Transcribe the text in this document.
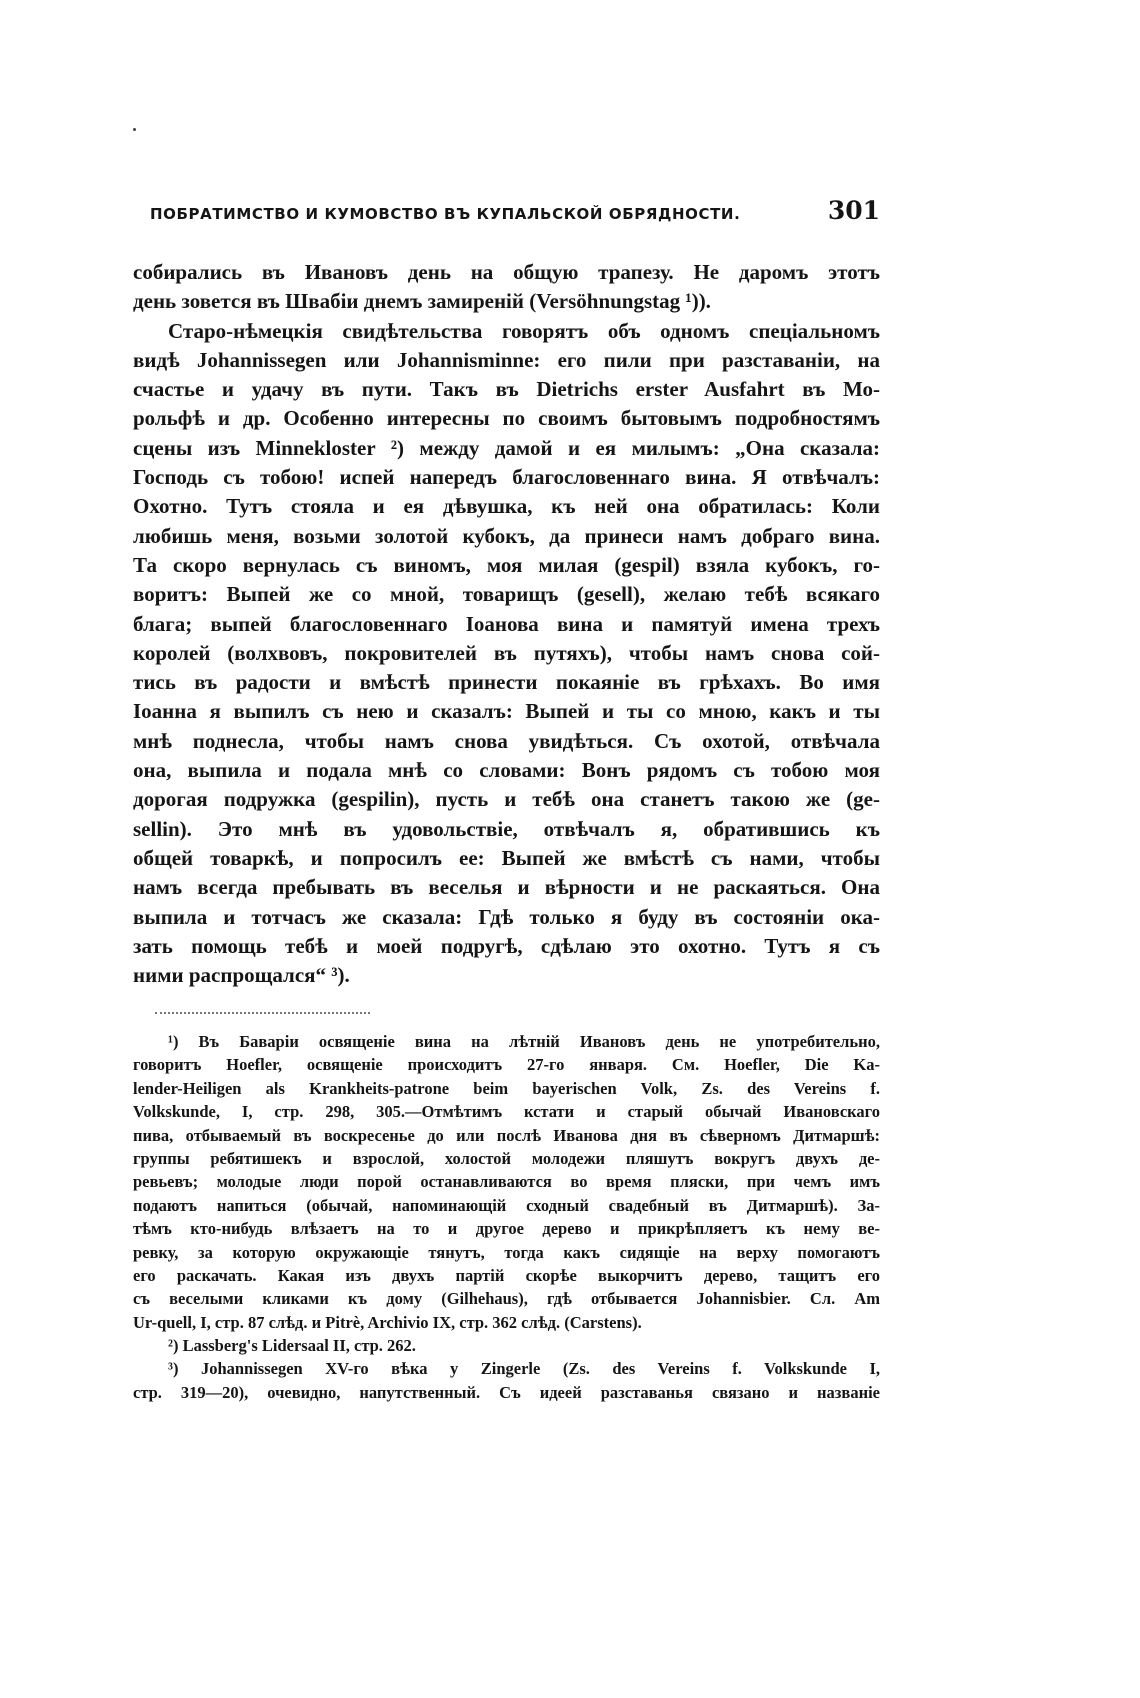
ПОБРАТИМСТВО И КУМОВСТВО ВЪ КУПАЛЬСКОЙ ОБРЯДНОСТИ.	301
собирались въ Ивановъ день на общую трапезу. Не даромъ этотъ
день зовется въ Швабіи днемъ замиреній (Versöhnungstag ¹)).
Старо-нѣмецкія свидѣтельства говорятъ объ одномъ спеціальномъ
видѣ Johannissegen или Johannisminne: его пили при разставаніи, на
счастье и удачу въ пути. Такъ въ Dietrichs erster Ausfahrt въ Мо-
рольфѣ и др. Особенно интересны по своимъ бытовымъ подробностямъ
сцены изъ Minnekloster ²) между дамой и ея милымъ: „Она сказала:
Господь съ тобою! испей напередъ благословеннаго вина. Я отвѣчалъ:
Охотно. Тутъ стояла и ея дѣвушка, къ ней она обратилась: Коли
любишь меня, возьми золотой кубокъ, да принеси намъ добраго вина.
Та скоро вернулась съ виномъ, моя милая (gespil) взяла кубокъ, го-
воритъ: Выпей же со мной, товарищъ (gesell), желаю тебѣ всякаго
блага; выпей благословеннаго Іоанова вина и памятуй имена трехъ
королей (волхвовъ, покровителей въ путяхъ), чтобы намъ снова сой-
тись въ радости и вмѣстѣ принести покаяніе въ грѣхахъ. Во имя
Іоанна я выпилъ съ нею и сказалъ: Выпей и ты со мною, какъ и ты
мнѣ поднесла, чтобы намъ снова увидѣться. Съ охотой, отвѣчала
она, выпила и подала мнѣ со словами: Вонъ рядомъ съ тобою моя
дорогая подружка (gespilin), пусть и тебѣ она станетъ такою же (ge-
sellin). Это мнѣ въ удовольствіе, отвѣчалъ я, обратившись къ
общей товаркѣ, и попросилъ ее: Выпей же вмѣстѣ съ нами, чтобы
намъ всегда пребывать въ веселья и вѣрности и не раскаяться. Она
выпила и тотчасъ же сказала: Гдѣ только я буду въ состояніи ока-
зать помощь тебѣ и моей подругѣ, сдѣлаю это охотно. Тутъ я съ
ними распрощался“ ³).
¹) Въ Баваріи освященіе вина на лѣтній Ивановъ день не употребительно,
говоритъ Hoefler, освященіе происходитъ 27-го января. См. Hoefler, Die Ka-
lender-Heiligen als Krankheits-patrone beim bayerischen Volk, Zs. des Vereins f.
Volkskunde, I, стр. 298, 305.—Отмѣтимъ кстати и старый обычай Ивановскаго
пива, отбываемый въ воскресенье до или послѣ Иванова дня въ сѣверномъ Дитмаршѣ:
группы ребятишекъ и взрослой, холостой молодежи пляшутъ вокругъ двухъ де-
ревьевъ; молодые люди порой останавливаются во время пляски, при чемъ имъ
подаютъ напиться (обычай, напоминающій сходный свадебный въ Дитмаршѣ). За-
тѣмъ кто-нибудь влѣзаетъ на то и другое дерево и прикрѣпляетъ къ нему ве-
ревку, за которую окружающіе тянутъ, тогда какъ сидящіе на верху помогаютъ
его раскачать. Какая изъ двухъ партій скорѣе выкорчитъ дерево, тащитъ его
съ веселыми кликами къ дому (Gilhehaus), гдѣ отбывается Johannisbier. Cл. Am
Ur-quell, I, стр. 87 слѣд. и Pitrè, Archivio IX, стр. 362 слѣд. (Carstens).
²) Lassberg's Lidersaal II, стр. 262.
³) Johannissegen XV-го вѣка у Zingerle (Zs. des Vereins f. Volkskunde I,
стр. 319—20), очевидно, напутственный. Съ идеей разставанья связано и названіе
